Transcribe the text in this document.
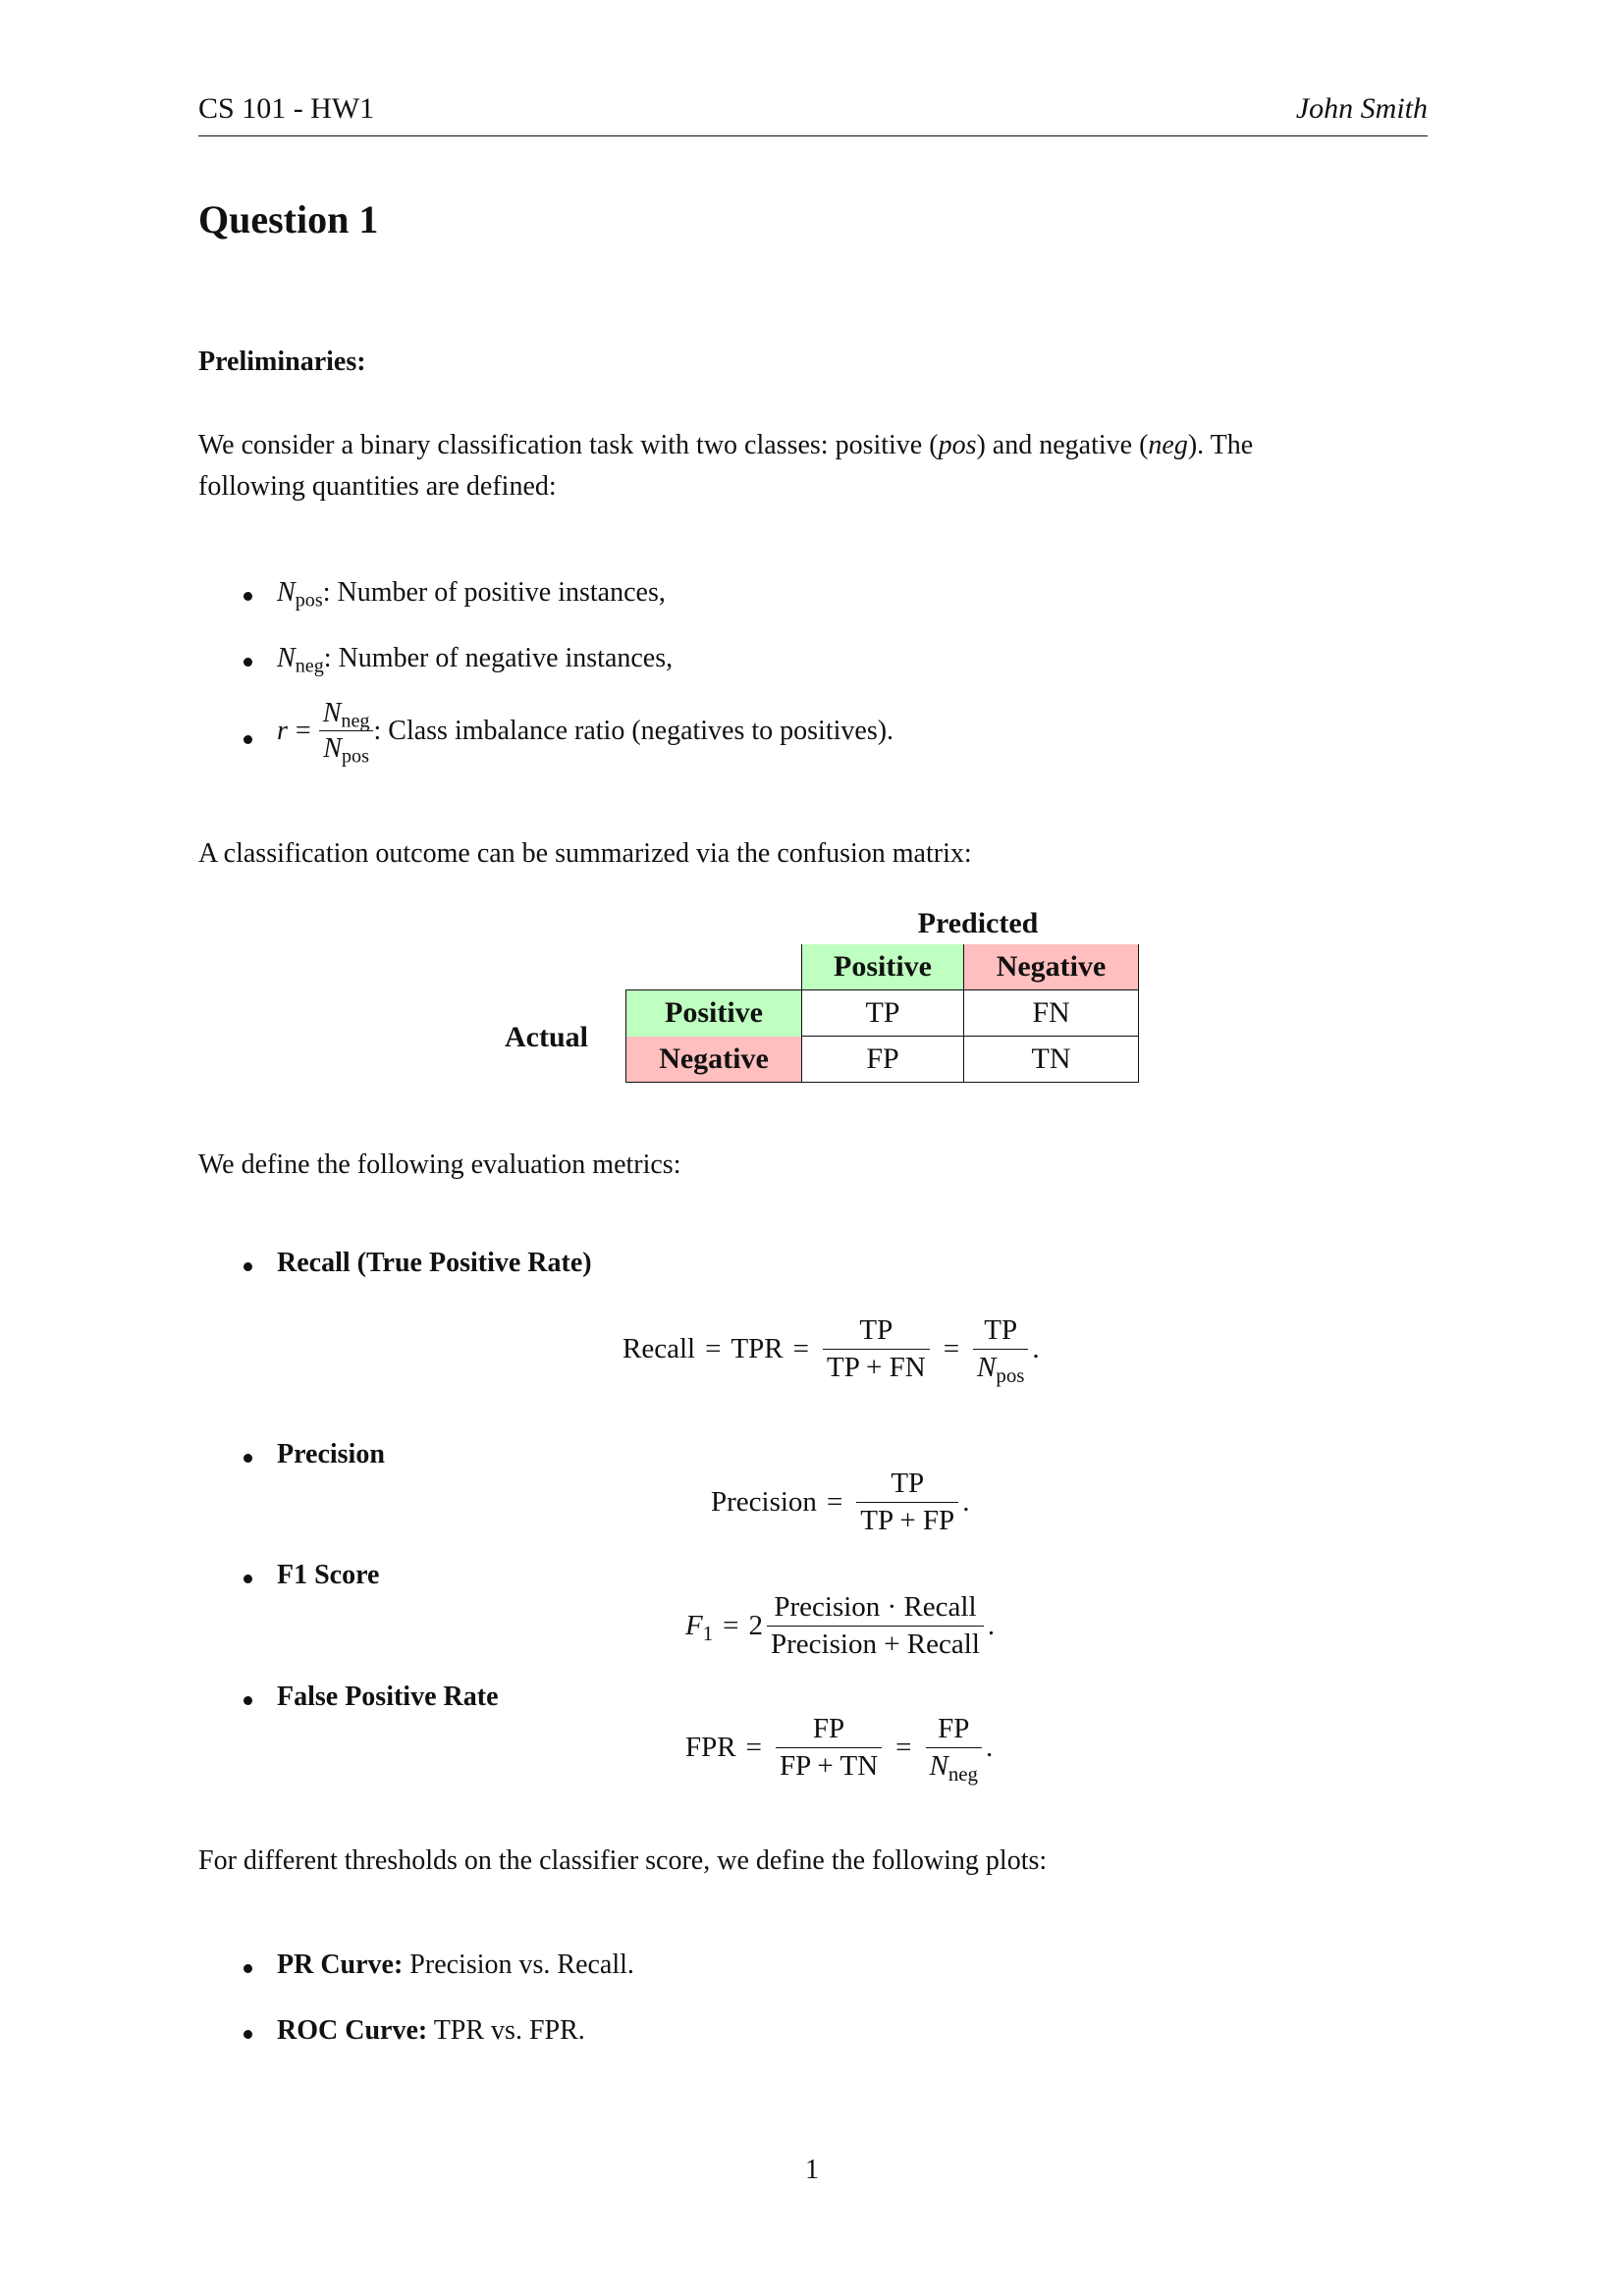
CS 101 - HW1	John Smith
Question 1
Preliminaries:
We consider a binary classification task with two classes: positive (pos) and negative (neg). The
following quantities are defined:
$N_{pos}$: Number of positive instances,
$N_{neg}$: Number of negative instances,
$r = \frac{N_{neg}}{N_{pos}}$ : Class imbalance ratio (negatives to positives).
A classification outcome can be summarized via the confusion matrix:
Predicted
Actual
	Positive	Negative
Positive	TP	FN
Negative	FP	TN
We define the following evaluation metrics:
Recall (True Positive Rate)
Recall = TPR = $\frac{TP}{TP + FN} = \frac{TP}{N_{pos}}$ .
Precision
Precision = $\frac{TP}{TP + FP}$ .
F1 Score
$F_1 = 2 \frac{\text{Precision · Recall}}{\text{Precision + Recall}}$ .
False Positive Rate
FPR = $\frac{FP}{FP + TN} = \frac{FP}{N_{neg}}$ .
For different thresholds on the classifier score, we define the following plots:
PR Curve: Precision vs. Recall.
ROC Curve: TPR vs. FPR.
1
